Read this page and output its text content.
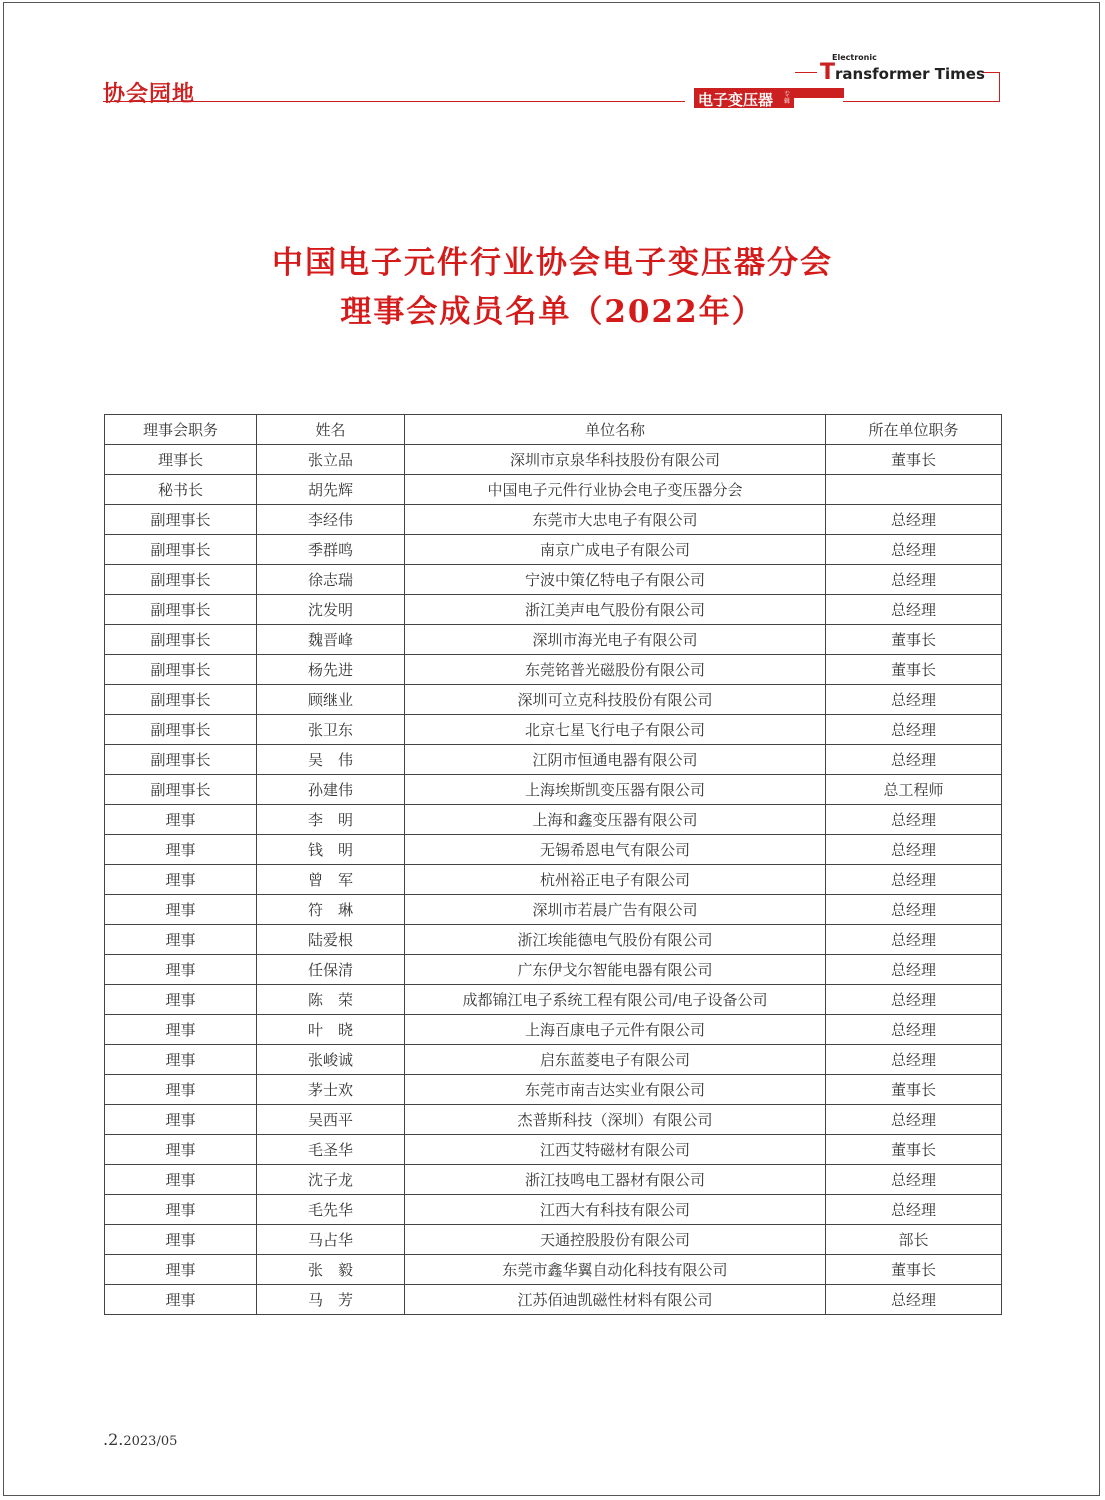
协会园地	电子变压器 专辑
Electronic
Transformer Times
中国电子元件行业协会电子变压器分会
理事会成员名单（2022年）
理事会职务	姓名	单位名称	所在单位职务
理事长	张立品	深圳市京泉华科技股份有限公司	董事长
秘书长	胡先辉	中国电子元件行业协会电子变压器分会	
副理事长	李经伟	东莞市大忠电子有限公司	总经理
副理事长	季群鸣	南京广成电子有限公司	总经理
副理事长	徐志瑞	宁波中策亿特电子有限公司	总经理
副理事长	沈发明	浙江美声电气股份有限公司	总经理
副理事长	魏晋峰	深圳市海光电子有限公司	董事长
副理事长	杨先进	东莞铭普光磁股份有限公司	董事长
副理事长	顾继业	深圳可立克科技股份有限公司	总经理
副理事长	张卫东	北京七星飞行电子有限公司	总经理
副理事长	吴　伟	江阴市恒通电器有限公司	总经理
副理事长	孙建伟	上海埃斯凯变压器有限公司	总工程师
理事	李　明	上海和鑫变压器有限公司	总经理
理事	钱　明	无锡希恩电气有限公司	总经理
理事	曾　军	杭州裕正电子有限公司	总经理
理事	符　琳	深圳市若晨广告有限公司	总经理
理事	陆爱根	浙江埃能德电气股份有限公司	总经理
理事	任保清	广东伊戈尔智能电器有限公司	总经理
理事	陈　荣	成都锦江电子系统工程有限公司/电子设备公司	总经理
理事	叶　晓	上海百康电子元件有限公司	总经理
理事	张峻诚	启东蓝菱电子有限公司	总经理
理事	茅士欢	东莞市南吉达实业有限公司	董事长
理事	吴西平	杰普斯科技（深圳）有限公司	总经理
理事	毛圣华	江西艾特磁材有限公司	董事长
理事	沈子龙	浙江技鸣电工器材有限公司	总经理
理事	毛先华	江西大有科技有限公司	总经理
理事	马占华	天通控股股份有限公司	部长
理事	张　毅	东莞市鑫华翼自动化科技有限公司	董事长
理事	马　芳	江苏佰迪凯磁性材料有限公司	总经理
.2.2023/05
